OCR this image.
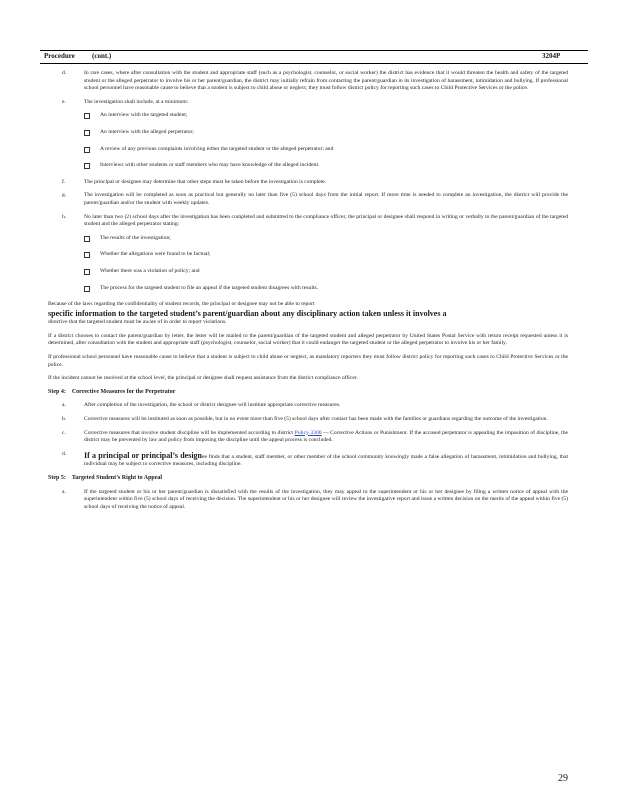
Procedure (cont.)	3204P
d.	In rare cases, where after consultation with the student and appropriate staff (such as a psychologist, counselor, or social worker) the district has evidence that it would threaten the health and safety of the targeted student or the alleged perpetrator to involve his or her parent/guardian, the district may initially refrain from contacting the parent/guardian in its investigation of harassment, intimidation and bullying. If professional school personnel have reasonable cause to believe that a student is subject to child abuse or neglect, they must follow district policy for reporting such cases to Child Protective Services or the police.
e.	The investigation shall include, at a minimum:
An interview with the targeted student;
An interview with the alleged perpetrator;
A review of any previous complaints involving either the targeted student or the alleged perpetrator; and
Interviews with other students or staff members who may have knowledge of the alleged incident.
f.	The principal or designee may determine that other steps must be taken before the investigation is complete.
g.	The investigation will be completed as soon as practical but generally no later than five (5) school days from the initial report. If more time is needed to complete an investigation, the district will provide the parent/guardian and/or the student with weekly updates.
h.	No later than two (2) school days after the investigation has been completed and submitted to the compliance officer, the principal or designee shall respond in writing or verbally to the parent/guardian of the targeted student and the alleged perpetrator stating:
The results of the investigation;
Whether the allegations were found to be factual;
Whether there was a violation of policy; and
The process for the targeted student to file an appeal if the targeted student disagrees with results.
Because of the laws regarding the confidentiality of student records, the principal or designee may not be able to report
specific information to the targeted student’s parent/guardian about any disciplinary action taken unless it involves a
directive that the targeted student must be aware of in order to report violations.
If a district chooses to contact the parent/guardian by letter, the letter will be mailed to the parent/guardian of the targeted student and alleged perpetrator by United States Postal Service with return receipt requested unless it is determined, after consultation with the student and appropriate staff (psychologist, counselor, social worker) that it could endanger the targeted student or the alleged perpetrator to involve his or her family.
If professional school personnel have reasonable cause to believe that a student is subject to child abuse or neglect, as mandatory reporters they must follow district policy for reporting such cases to Child Protective Services or the police.
If the incident cannot be resolved at the school level, the principal or designee shall request assistance from the district compliance officer.
Step 4: Corrective Measures for the Perpetrator
a.	After completion of the investigation, the school or district designee will institute appropriate corrective measures.
b.	Corrective measures will be instituted as soon as possible, but in no event more than five (5) school days after contact has been made with the families or guardians regarding the outcome of the investigation.
c.	Corrective measures that involve student discipline will be implemented according to district Policy 3300 — Corrective Actions or Punishment. If the accused perpetrator is appealing the imposition of discipline, the district may be prevented by law and policy from imposing the discipline until the appeal process is concluded.
d.	If a principal or principal’s designee finds that a student, staff member, or other member of the school community knowingly made a false allegation of harassment, intimidation and bullying, that individual may be subject to corrective measures, including discipline.
Step 5: Targeted Student’s Right to Appeal
a.	If the targeted student or his or her parent/guardian is dissatisfied with the results of the investigation, they may appeal to the superintendent or his or her designee by filing a written notice of appeal with the superintendent within five (5) school days of receiving the decision. The superintendent or his or her designee will review the investigative report and issue a written decision on the merits of the appeal within five (5) school days of receiving the notice of appeal.
29
